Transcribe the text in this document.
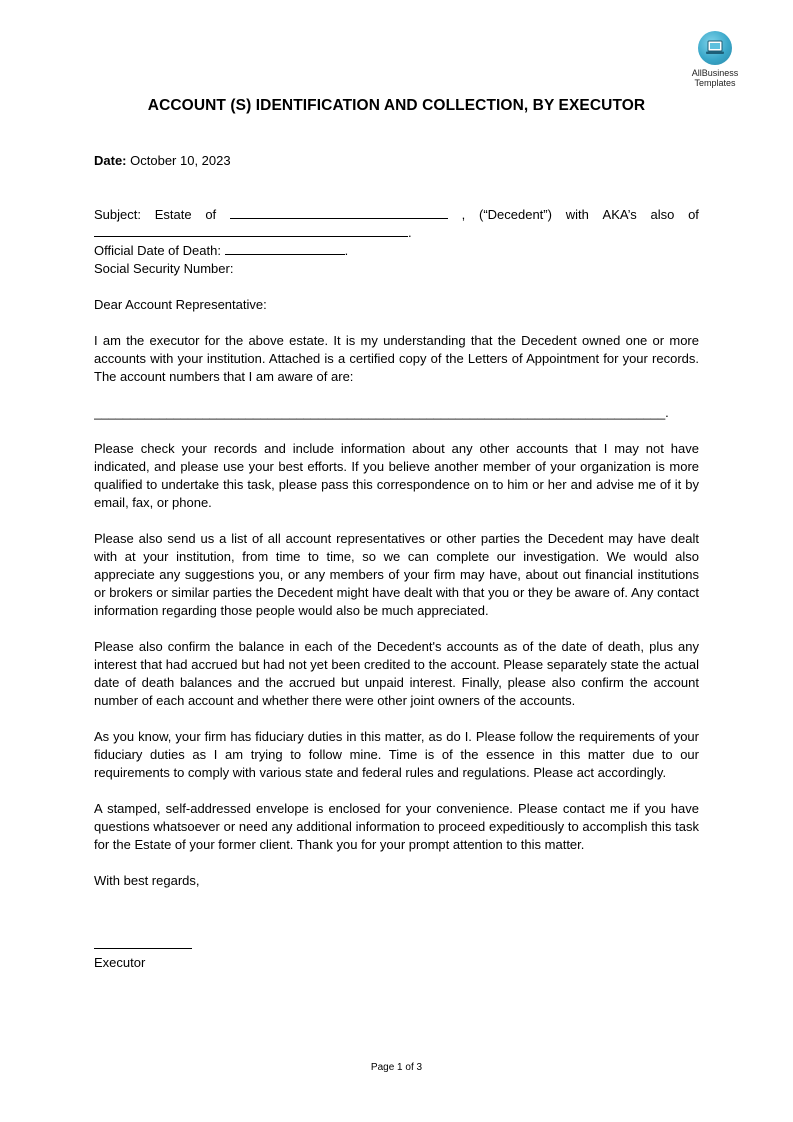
AllBusiness
Templates
ACCOUNT (S) IDENTIFICATION AND COLLECTION, BY EXECUTOR

Date: October 10, 2023

Subject: Estate of	, (“Decedent”) with AKA’s also of

.

Official Date of Death:	.

Social Security Number:

Dear Account Representative:

I am the executor for the above estate. It is my understanding that the Decedent owned one or more accounts with your institution. Attached is a certified copy of the Letters of Appointment for your records. The account numbers that I am aware of are:

_______________________________________________________________________________.

Please check your records and include information about any other accounts that I may not have indicated, and please use your best efforts. If you believe another member of your organization is more qualified to undertake this task, please pass this correspondence on to him or her and advise me of it by email, fax, or phone.

Please also send us a list of all account representatives or other parties the Decedent may have dealt with at your institution, from time to time, so we can complete our investigation. We would also appreciate any suggestions you, or any members of your firm may have, about out financial institutions or brokers or similar parties the Decedent might have dealt with that you or they be aware of. Any contact information regarding those people would also be much appreciated.

Please also confirm the balance in each of the Decedent's accounts as of the date of death, plus any interest that had accrued but had not yet been credited to the account. Please separately state the actual date of death balances and the accrued but unpaid interest. Finally, please also confirm the account number of each account and whether there were other joint owners of the accounts.

As you know, your firm has fiduciary duties in this matter, as do I. Please follow the requirements of your fiduciary duties as I am trying to follow mine. Time is of the essence in this matter due to our requirements to comply with various state and federal rules and regulations. Please act accordingly.

A stamped, self-addressed envelope is enclosed for your convenience. Please contact me if you have questions whatsoever or need any additional information to proceed expeditiously to accomplish this task for the Estate of your former client. Thank you for your prompt attention to this matter.

With best regards,

Executor

Page 1 of 3
